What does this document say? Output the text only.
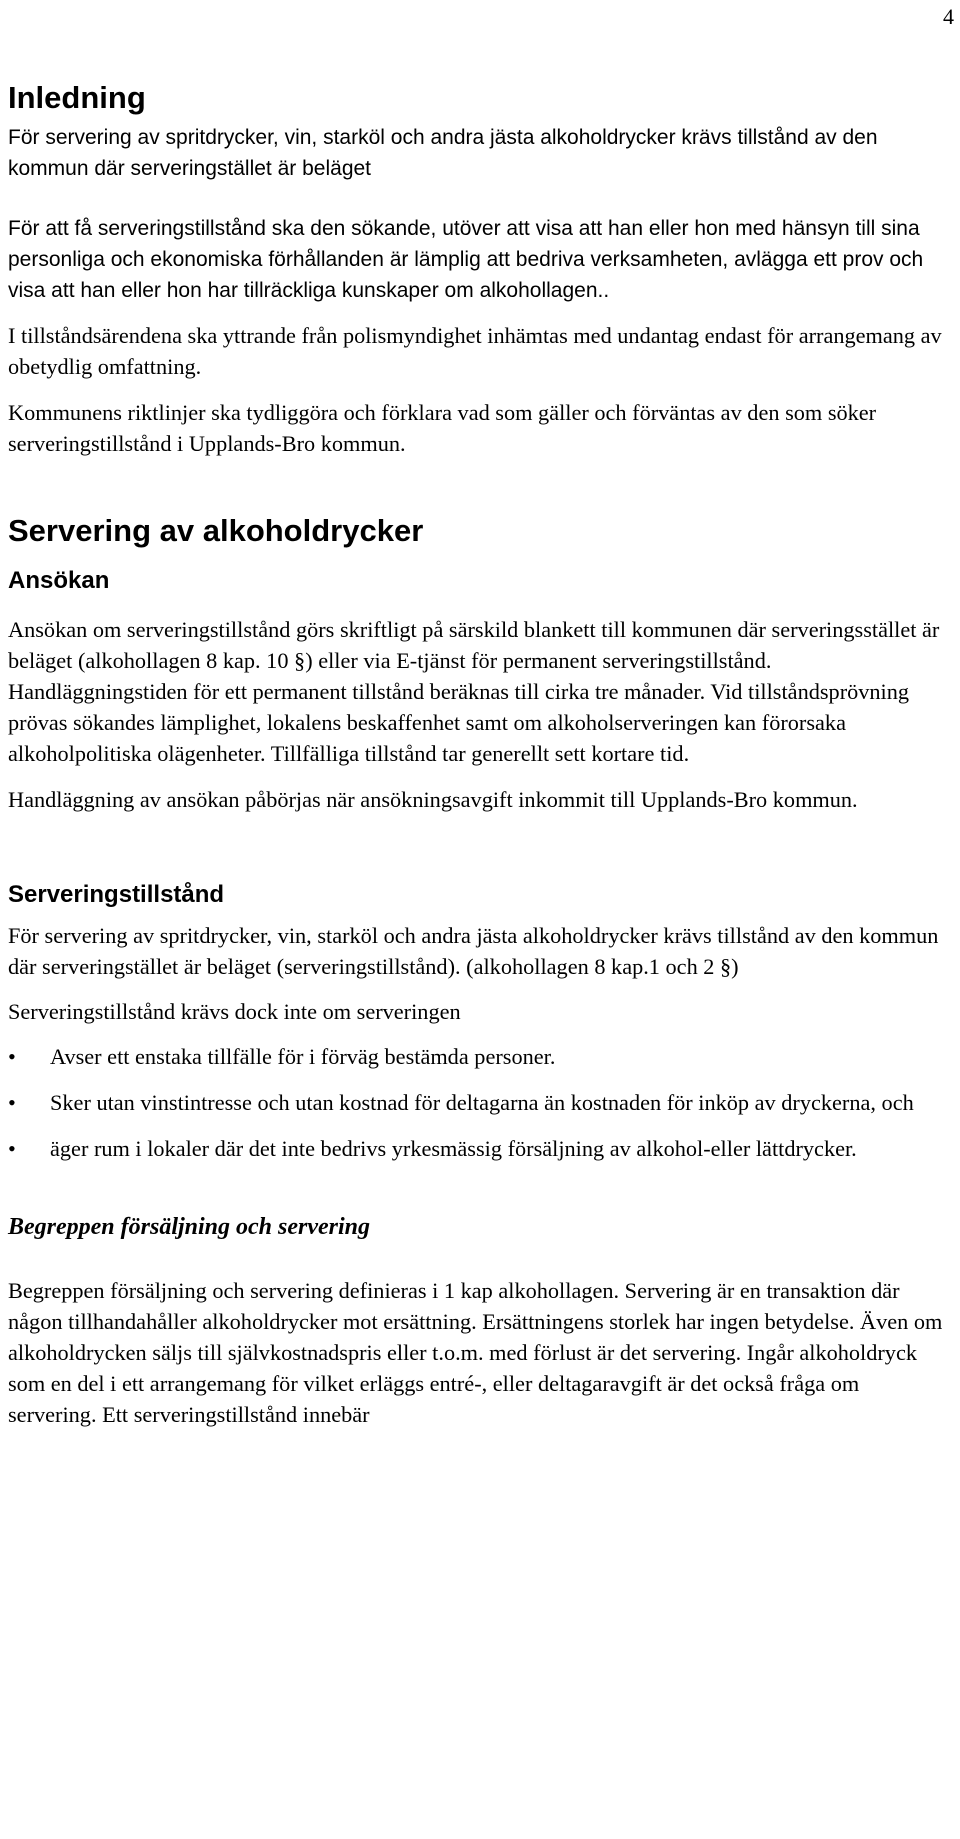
4
Inledning

För servering av spritdrycker, vin, starköl och andra jästa alkoholdrycker krävs tillstånd av den kommun där serveringstället är beläget

För att få serveringstillstånd ska den sökande, utöver att visa att han eller hon med hänsyn till sina personliga och ekonomiska förhållanden är lämplig att bedriva verksamheten, avlägga ett prov och visa att han eller hon har tillräckliga kunskaper om alkohollagen..

I tillståndsärendena ska yttrande från polismyndighet inhämtas med undantag endast för arrangemang av obetydlig omfattning.

Kommunens riktlinjer ska tydliggöra och förklara vad som gäller och förväntas av den som söker serveringstillstånd i Upplands-Bro kommun.

Servering av alkoholdrycker
Ansökan

Ansökan om serveringstillstånd görs skriftligt på särskild blankett till kommunen där serveringsstället är beläget (alkohollagen 8 kap. 10 §) eller via E-tjänst för permanent serveringstillstånd. Handläggningstiden för ett permanent tillstånd beräknas till cirka tre månader. Vid tillståndsprövning prövas sökandes lämplighet, lokalens beskaffenhet samt om alkoholserveringen kan förorsaka alkoholpolitiska olägenheter. Tillfälliga tillstånd tar generellt sett kortare tid.

Handläggning av ansökan påbörjas när ansökningsavgift inkommit till Upplands-Bro kommun.

Serveringstillstånd

För servering av spritdrycker, vin, starköl och andra jästa alkoholdrycker krävs tillstånd av den kommun där serveringstället är beläget (serveringstillstånd). (alkohollagen 8 kap.1 och 2 §)

Serveringstillstånd krävs dock inte om serveringen

• Avser ett enstaka tillfälle för i förväg bestämda personer.
• Sker utan vinstintresse och utan kostnad för deltagarna än kostnaden för inköp av dryckerna, och
• äger rum i lokaler där det inte bedrivs yrkesmässig försäljning av alkohol-eller lättdrycker.
Begreppen försäljning och servering

Begreppen försäljning och servering definieras i 1 kap alkohollagen. Servering är en transaktion där någon tillhandahåller alkoholdrycker mot ersättning. Ersättningens storlek har ingen betydelse. Även om alkoholdrycken säljs till självkostnadspris eller t.o.m. med förlust är det servering. Ingår alkoholdryck som en del i ett arrangemang för vilket erläggs entré-, eller deltagaravgift är det också fråga om servering. Ett serveringstillstånd innebär
